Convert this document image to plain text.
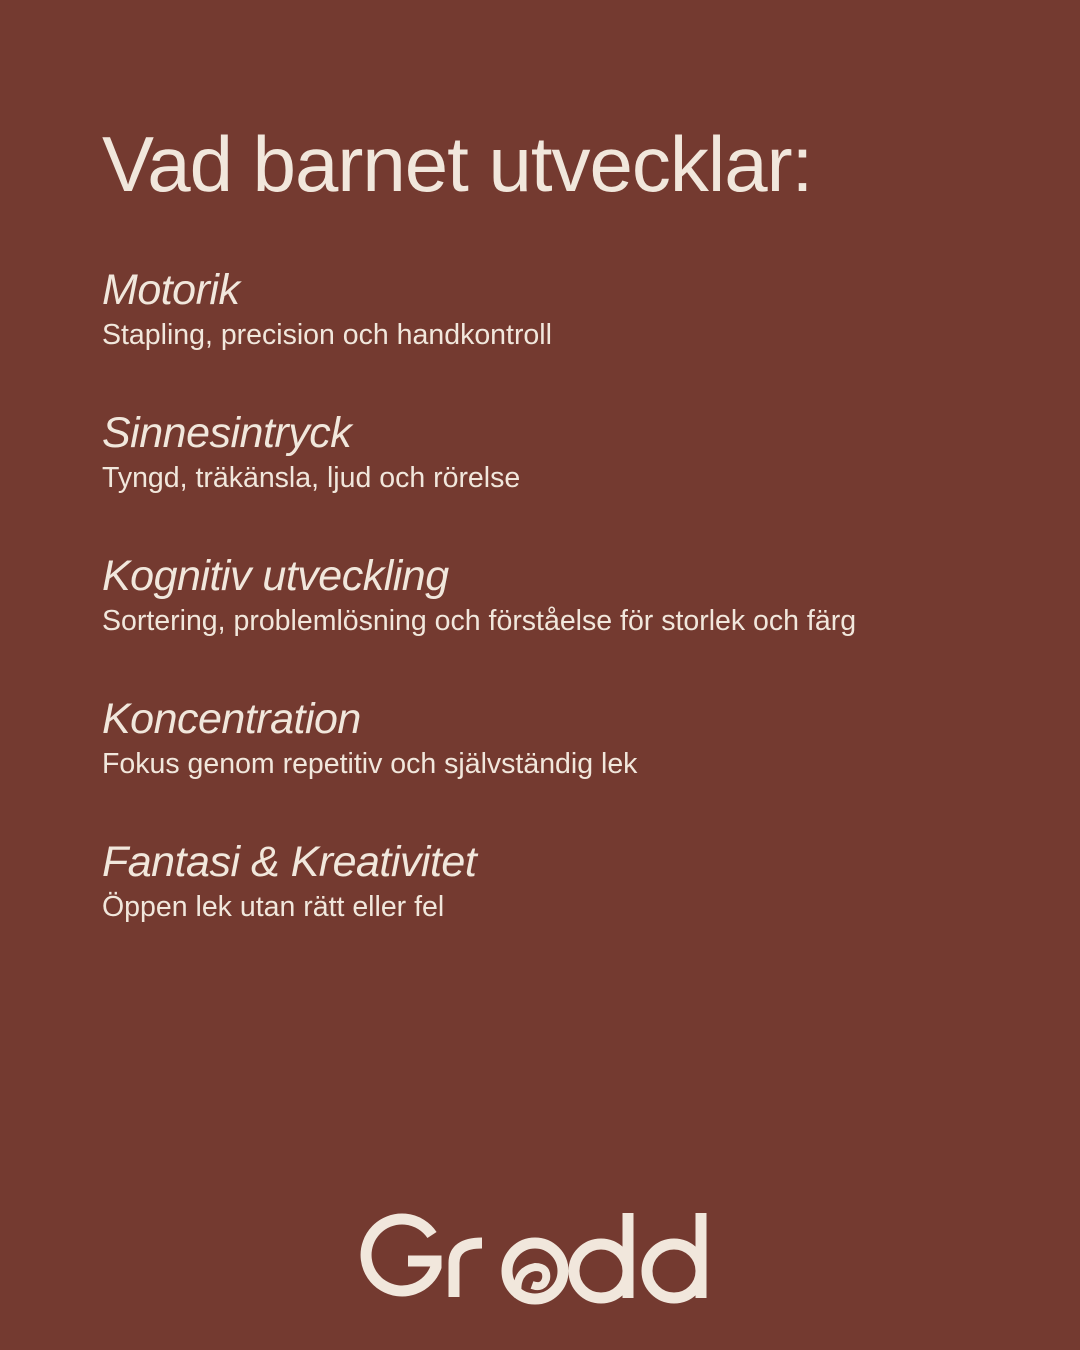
Vad barnet utvecklar:
Motorik
Stapling, precision och handkontroll
Sinnesintryck
Tyngd, träkänsla, ljud och rörelse
Kognitiv utveckling
Sortering, problemlösning och förståelse för storlek och färg
Koncentration
Fokus genom repetitiv och självständig lek
Fantasi & Kreativitet
Öppen lek utan rätt eller fel
